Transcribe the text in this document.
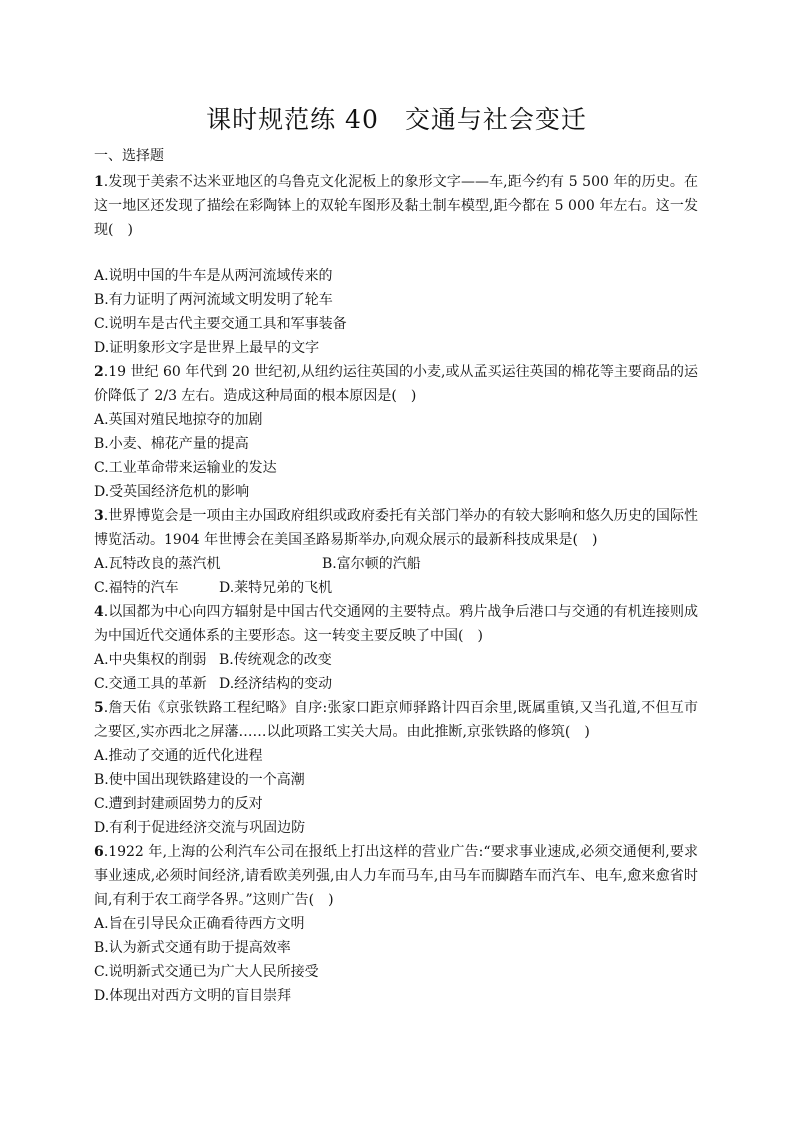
课时规范练 40　交通与社会变迁
一、选择题
1.发现于美索不达米亚地区的乌鲁克文化泥板上的象形文字——车,距今约有 5 500 年的历史。在这一地区还发现了描绘在彩陶钵上的双轮车图形及黏土制车模型,距今都在 5 000 年左右。这一发现(　)
A.说明中国的牛车是从两河流域传来的
B.有力证明了两河流域文明发明了轮车
C.说明车是古代主要交通工具和军事装备
D.证明象形文字是世界上最早的文字
2.19 世纪 60 年代到 20 世纪初,从纽约运往英国的小麦,或从孟买运往英国的棉花等主要商品的运价降低了 2/3 左右。造成这种局面的根本原因是(　)
A.英国对殖民地掠夺的加剧
B.小麦、棉花产量的提高
C.工业革命带来运输业的发达
D.受英国经济危机的影响
3.世界博览会是一项由主办国政府组织或政府委托有关部门举办的有较大影响和悠久历史的国际性博览活动。1904 年世博会在美国圣路易斯举办,向观众展示的最新科技成果是(　)
A.瓦特改良的蒸汽机	B.富尔顿的汽船
C.福特的汽车	D.莱特兄弟的飞机
4.以国都为中心向四方辐射是中国古代交通网的主要特点。鸦片战争后港口与交通的有机连接则成为中国近代交通体系的主要形态。这一转变主要反映了中国(　)
A.中央集权的削弱 B.传统观念的改变
C.交通工具的革新 D.经济结构的变动
5.詹天佑《京张铁路工程纪略》自序:张家口距京师驿路计四百余里,既属重镇,又当孔道,不但互市之要区,实亦西北之屏藩……以此项路工实关大局。由此推断,京张铁路的修筑(　)
A.推动了交通的近代化进程
B.使中国出现铁路建设的一个高潮
C.遭到封建顽固势力的反对
D.有利于促进经济交流与巩固边防
6.1922 年,上海的公利汽车公司在报纸上打出这样的营业广告:“要求事业速成,必须交通便利,要求事业速成,必须时间经济,请看欧美列强,由人力车而马车,由马车而脚踏车而汽车、电车,愈来愈省时间,有利于农工商学各界。”这则广告(　)
A.旨在引导民众正确看待西方文明
B.认为新式交通有助于提高效率
C.说明新式交通已为广大人民所接受
D.体现出对西方文明的盲目崇拜
